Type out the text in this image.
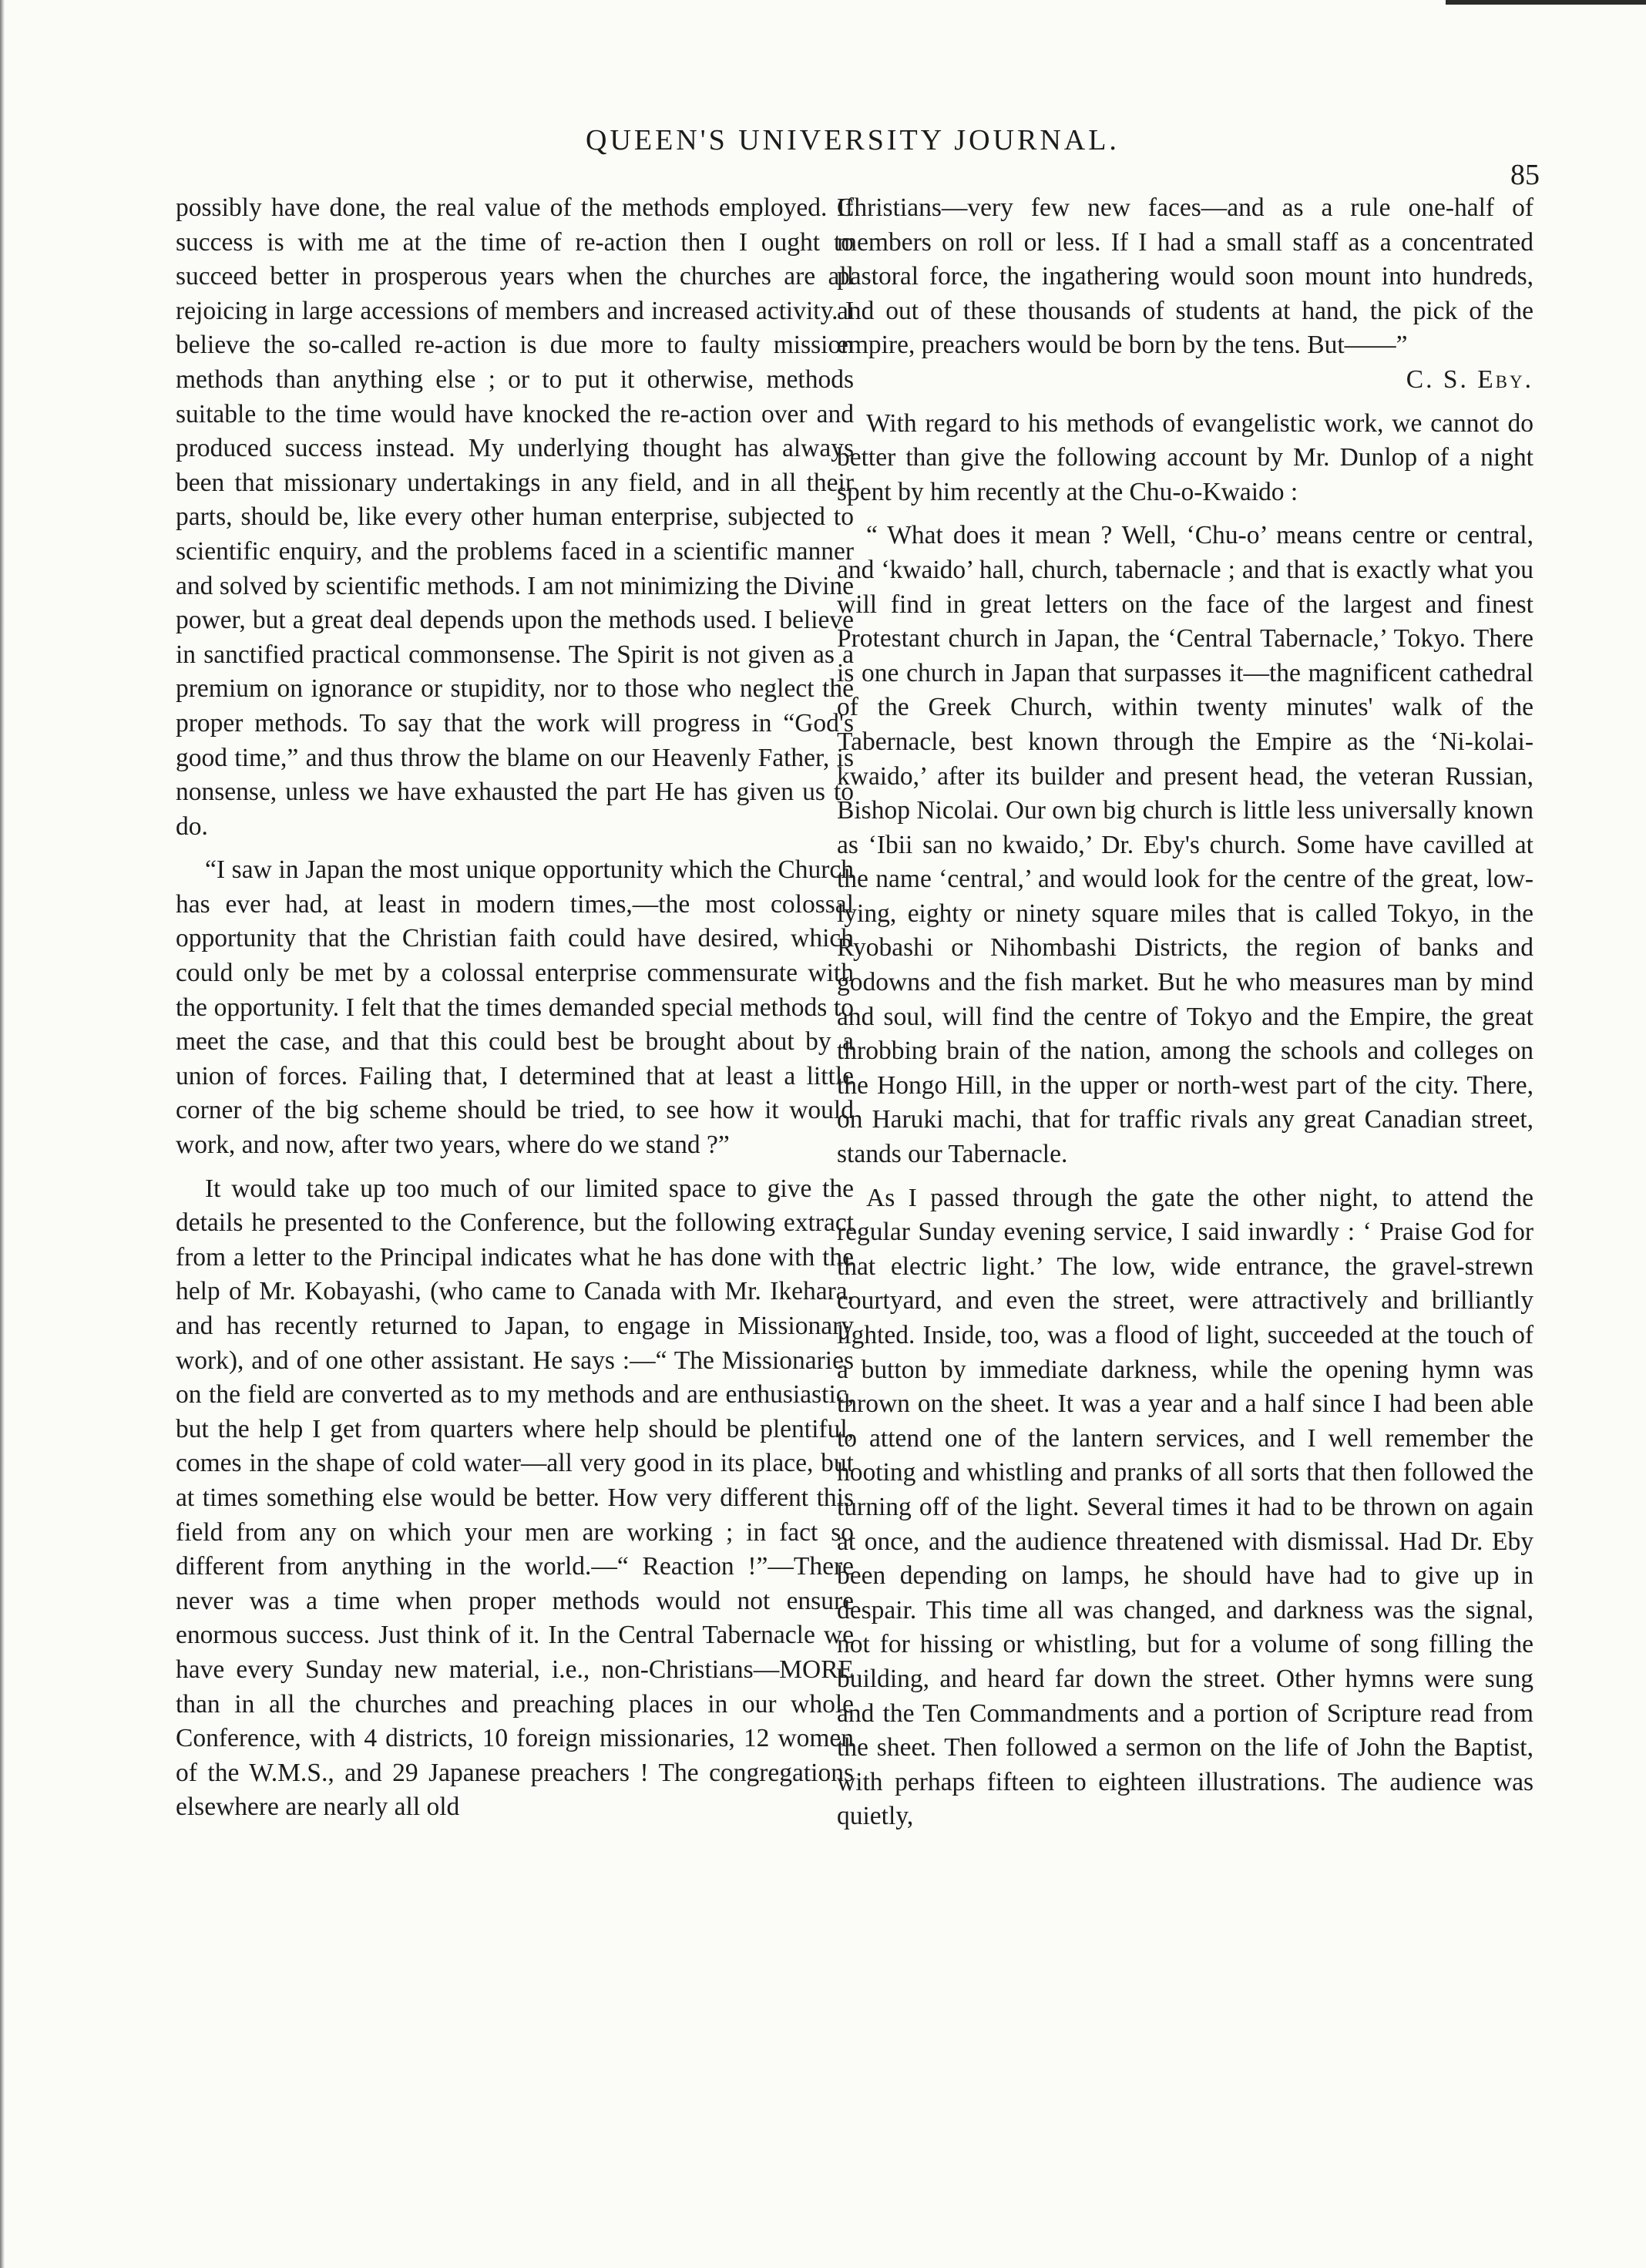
QUEEN'S UNIVERSITY JOURNAL.
85

possibly have done, the real value of the methods employed. If success is with me at the time of re-action then I ought to succeed better in prosperous years when the churches are all rejoicing in large accessions of members and increased activity. I believe the so-called re-action is due more to faulty mission methods than anything else ; or to put it otherwise, methods suitable to the time would have knocked the re-action over and produced success instead. My underlying thought has always been that missionary undertakings in any field, and in all their parts, should be, like every other human enterprise, subjected to scientific enquiry, and the problems faced in a scientific manner and solved by scientific methods. I am not minimizing the Divine power, but a great deal depends upon the methods used. I believe in sanctified practical commonsense. The Spirit is not given as a premium on ignorance or stupidity, nor to those who neglect the proper methods. To say that the work will progress in “God's good time,” and thus throw the blame on our Heavenly Father, is nonsense, unless we have exhausted the part He has given us to do.

“I saw in Japan the most unique opportunity which the Church has ever had, at least in modern times,—the most colossal opportunity that the Christian faith could have desired, which could only be met by a colossal enterprise commensurate with the opportunity. I felt that the times demanded special methods to meet the case, and that this could best be brought about by a union of forces. Failing that, I determined that at least a little corner of the big scheme should be tried, to see how it would work, and now, after two years, where do we stand ?”

It would take up too much of our limited space to give the details he presented to the Conference, but the following extract from a letter to the Principal indicates what he has done with the help of Mr. Kobayashi, (who came to Canada with Mr. Ikehara, and has recently returned to Japan, to engage in Missionary work), and of one other assistant. He says :—“ The Missionaries on the field are converted as to my methods and are enthusiastic, but the help I get from quarters where help should be plentiful, comes in the shape of cold water—all very good in its place, but at times something else would be better. How very different this field from any on which your men are working ; in fact so different from anything in the world.—“ Reaction !”—There never was a time when proper methods would not ensure enormous success. Just think of it. In the Central Tabernacle we have every Sunday new material, i.e., non-Christians—MORE than in all the churches and preaching places in our whole Conference, with 4 districts, 10 foreign missionaries, 12 women of the W.M.S., and 29 Japanese preachers ! The congregations elsewhere are nearly all old

Christians—very few new faces—and as a rule one-half of members on roll or less. If I had a small staff as a concentrated pastoral force, the ingathering would soon mount into hundreds, and out of these thousands of students at hand, the pick of the empire, preachers would be born by the tens. But——”

C. S. Eby.

With regard to his methods of evangelistic work, we cannot do better than give the following account by Mr. Dunlop of a night spent by him recently at the Chu-o-Kwaido :

“ What does it mean ? Well, ‘Chu-o’ means centre or central, and ‘kwaido’ hall, church, tabernacle ; and that is exactly what you will find in great letters on the face of the largest and finest Protestant church in Japan, the ‘Central Tabernacle,’ Tokyo. There is one church in Japan that surpasses it—the magnificent cathedral of the Greek Church, within twenty minutes' walk of the Tabernacle, best known through the Empire as the ‘Ni-kolai-kwaido,’ after its builder and present head, the veteran Russian, Bishop Nicolai. Our own big church is little less universally known as ‘Ibii san no kwaido,’ Dr. Eby's church. Some have cavilled at the name ‘central,’ and would look for the centre of the great, low-lying, eighty or ninety square miles that is called Tokyo, in the Ryobashi or Nihombashi Districts, the region of banks and godowns and the fish market. But he who measures man by mind and soul, will find the centre of Tokyo and the Empire, the great throbbing brain of the nation, among the schools and colleges on the Hongo Hill, in the upper or north-west part of the city. There, on Haruki machi, that for traffic rivals any great Canadian street, stands our Tabernacle.

As I passed through the gate the other night, to attend the regular Sunday evening service, I said inwardly : ‘ Praise God for that electric light.’ The low, wide entrance, the gravel-strewn courtyard, and even the street, were attractively and brilliantly lighted. Inside, too, was a flood of light, succeeded at the touch of a button by immediate darkness, while the opening hymn was thrown on the sheet. It was a year and a half since I had been able to attend one of the lantern services, and I well remember the hooting and whistling and pranks of all sorts that then followed the turning off of the light. Several times it had to be thrown on again at once, and the audience threatened with dismissal. Had Dr. Eby been depending on lamps, he should have had to give up in despair. This time all was changed, and darkness was the signal, not for hissing or whistling, but for a volume of song filling the building, and heard far down the street. Other hymns were sung and the Ten Commandments and a portion of Scripture read from the sheet. Then followed a sermon on the life of John the Baptist, with perhaps fifteen to eighteen illustrations. The audience was quietly,
